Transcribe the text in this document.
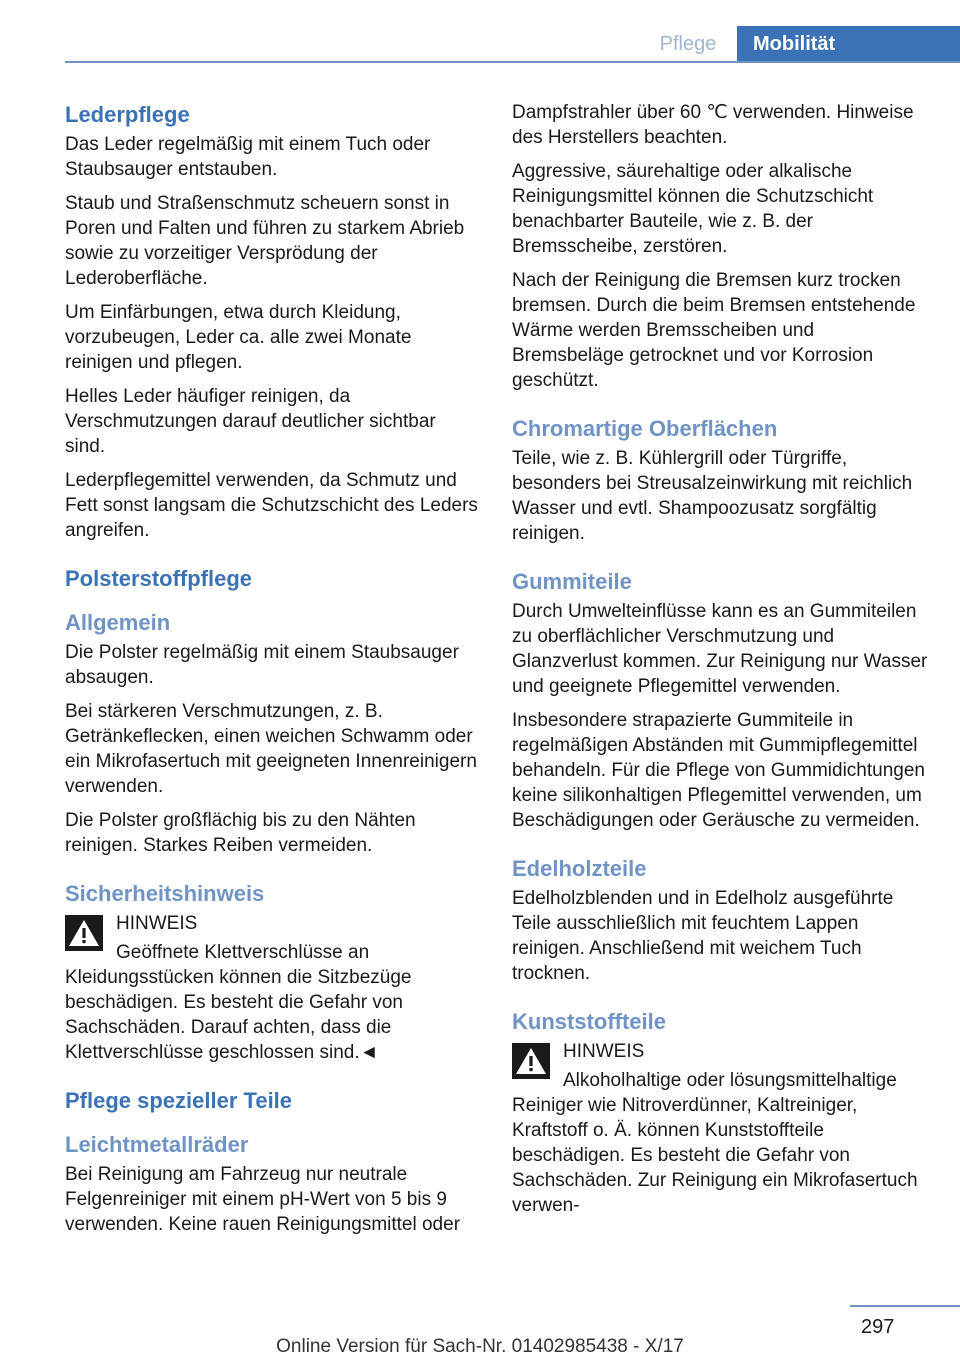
Pflege	Mobilität
Lederpflege

Das Leder regelmäßig mit einem Tuch oder Staubsauger entstauben.

Staub und Straßenschmutz scheuern sonst in Poren und Falten und führen zu starkem Abrieb sowie zu vorzeitiger Versprödung der Lederoberfläche.

Um Einfärbungen, etwa durch Kleidung, vorzubeugen, Leder ca. alle zwei Monate reinigen und pflegen.

Helles Leder häufiger reinigen, da Verschmutzungen darauf deutlicher sichtbar sind.

Lederpflegemittel verwenden, da Schmutz und Fett sonst langsam die Schutzschicht des Leders angreifen.

Polsterstoffpflege
Allgemein

Die Polster regelmäßig mit einem Staubsauger absaugen.

Bei stärkeren Verschmutzungen, z. B. Getränkeflecken, einen weichen Schwamm oder ein Mikrofasertuch mit geeigneten Innenreinigern verwenden.

Die Polster großflächig bis zu den Nähten reinigen. Starkes Reiben vermeiden.

Sicherheitshinweis

HINWEIS

Geöffnete Klettverschlüsse an Kleidungsstücken können die Sitzbezüge beschädigen. Es besteht die Gefahr von Sachschäden. Darauf achten, dass die Klettverschlüsse geschlossen sind.◄

Pflege spezieller Teile
Leichtmetallräder

Bei Reinigung am Fahrzeug nur neutrale Felgenreiniger mit einem pH-Wert von 5 bis 9 verwenden. Keine rauen Reinigungsmittel oder

Dampfstrahler über 60 ℃ verwenden. Hinweise des Herstellers beachten.

Aggressive, säurehaltige oder alkalische Reinigungsmittel können die Schutzschicht benachbarter Bauteile, wie z. B. der Bremsscheibe, zerstören.

Nach der Reinigung die Bremsen kurz trocken bremsen. Durch die beim Bremsen entstehende Wärme werden Bremsscheiben und Bremsbeläge getrocknet und vor Korrosion geschützt.

Chromartige Oberflächen

Teile, wie z. B. Kühlergrill oder Türgriffe, besonders bei Streusalzeinwirkung mit reichlich Wasser und evtl. Shampoozusatz sorgfältig reinigen.

Gummiteile

Durch Umwelteinflüsse kann es an Gummiteilen zu oberflächlicher Verschmutzung und Glanzverlust kommen. Zur Reinigung nur Wasser und geeignete Pflegemittel verwenden.

Insbesondere strapazierte Gummiteile in regelmäßigen Abständen mit Gummipflegemittel behandeln. Für die Pflege von Gummidichtungen keine silikonhaltigen Pflegemittel verwenden, um Beschädigungen oder Geräusche zu vermeiden.

Edelholzteile

Edelholzblenden und in Edelholz ausgeführte Teile ausschließlich mit feuchtem Lappen reinigen. Anschließend mit weichem Tuch trocknen.

Kunststoffteile

HINWEIS

Alkoholhaltige oder lösungsmittelhaltige Reiniger wie Nitroverdünner, Kaltreiniger, Kraftstoff o. Ä. können Kunststoffteile beschädigen. Es besteht die Gefahr von Sachschäden. Zur Reinigung ein Mikrofasertuch verwen-

297
Online Version für Sach-Nr. 01402985438 - X/17
